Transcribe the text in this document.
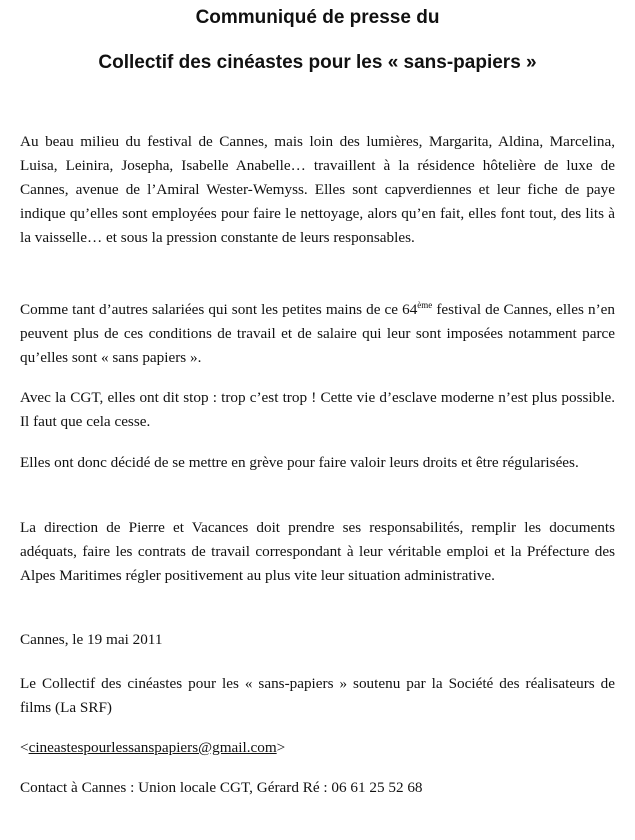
Communiqué de presse du
Collectif des cinéastes pour les « sans-papiers »

Au beau milieu du festival de Cannes, mais loin des lumières, Margarita, Aldina, Marcelina, Luisa, Leinira, Josepha, Isabelle Anabelle… travaillent à la résidence hôtelière de luxe de Cannes, avenue de l’Amiral Wester-Wemyss. Elles sont capverdiennes et leur fiche de paye indique qu’elles sont employées pour faire le nettoyage, alors qu’en fait, elles font tout, des lits à la vaisselle… et sous la pression constante de leurs responsables.

Comme tant d’autres salariées qui sont les petites mains de ce 64ème festival de Cannes, elles n’en peuvent plus de ces conditions de travail et de salaire qui leur sont imposées notamment parce qu’elles sont « sans papiers ».

Avec la CGT, elles ont dit stop : trop c’est trop ! Cette vie d’esclave moderne n’est plus possible. Il faut que cela cesse.

Elles ont donc décidé de se mettre en grève pour faire valoir leurs droits et être régularisées.

La direction de Pierre et Vacances doit prendre ses responsabilités, remplir les documents adéquats, faire les contrats de travail correspondant à leur véritable emploi et la Préfecture des Alpes Maritimes régler positivement au plus vite leur situation administrative.

Cannes, le 19 mai 2011

Le Collectif des cinéastes pour les « sans-papiers » soutenu par la Société des réalisateurs de films (La SRF)

<cineastespourlessanspapiers@gmail.com>

Contact à Cannes : Union locale CGT, Gérard Ré : 06 61 25 52 68
